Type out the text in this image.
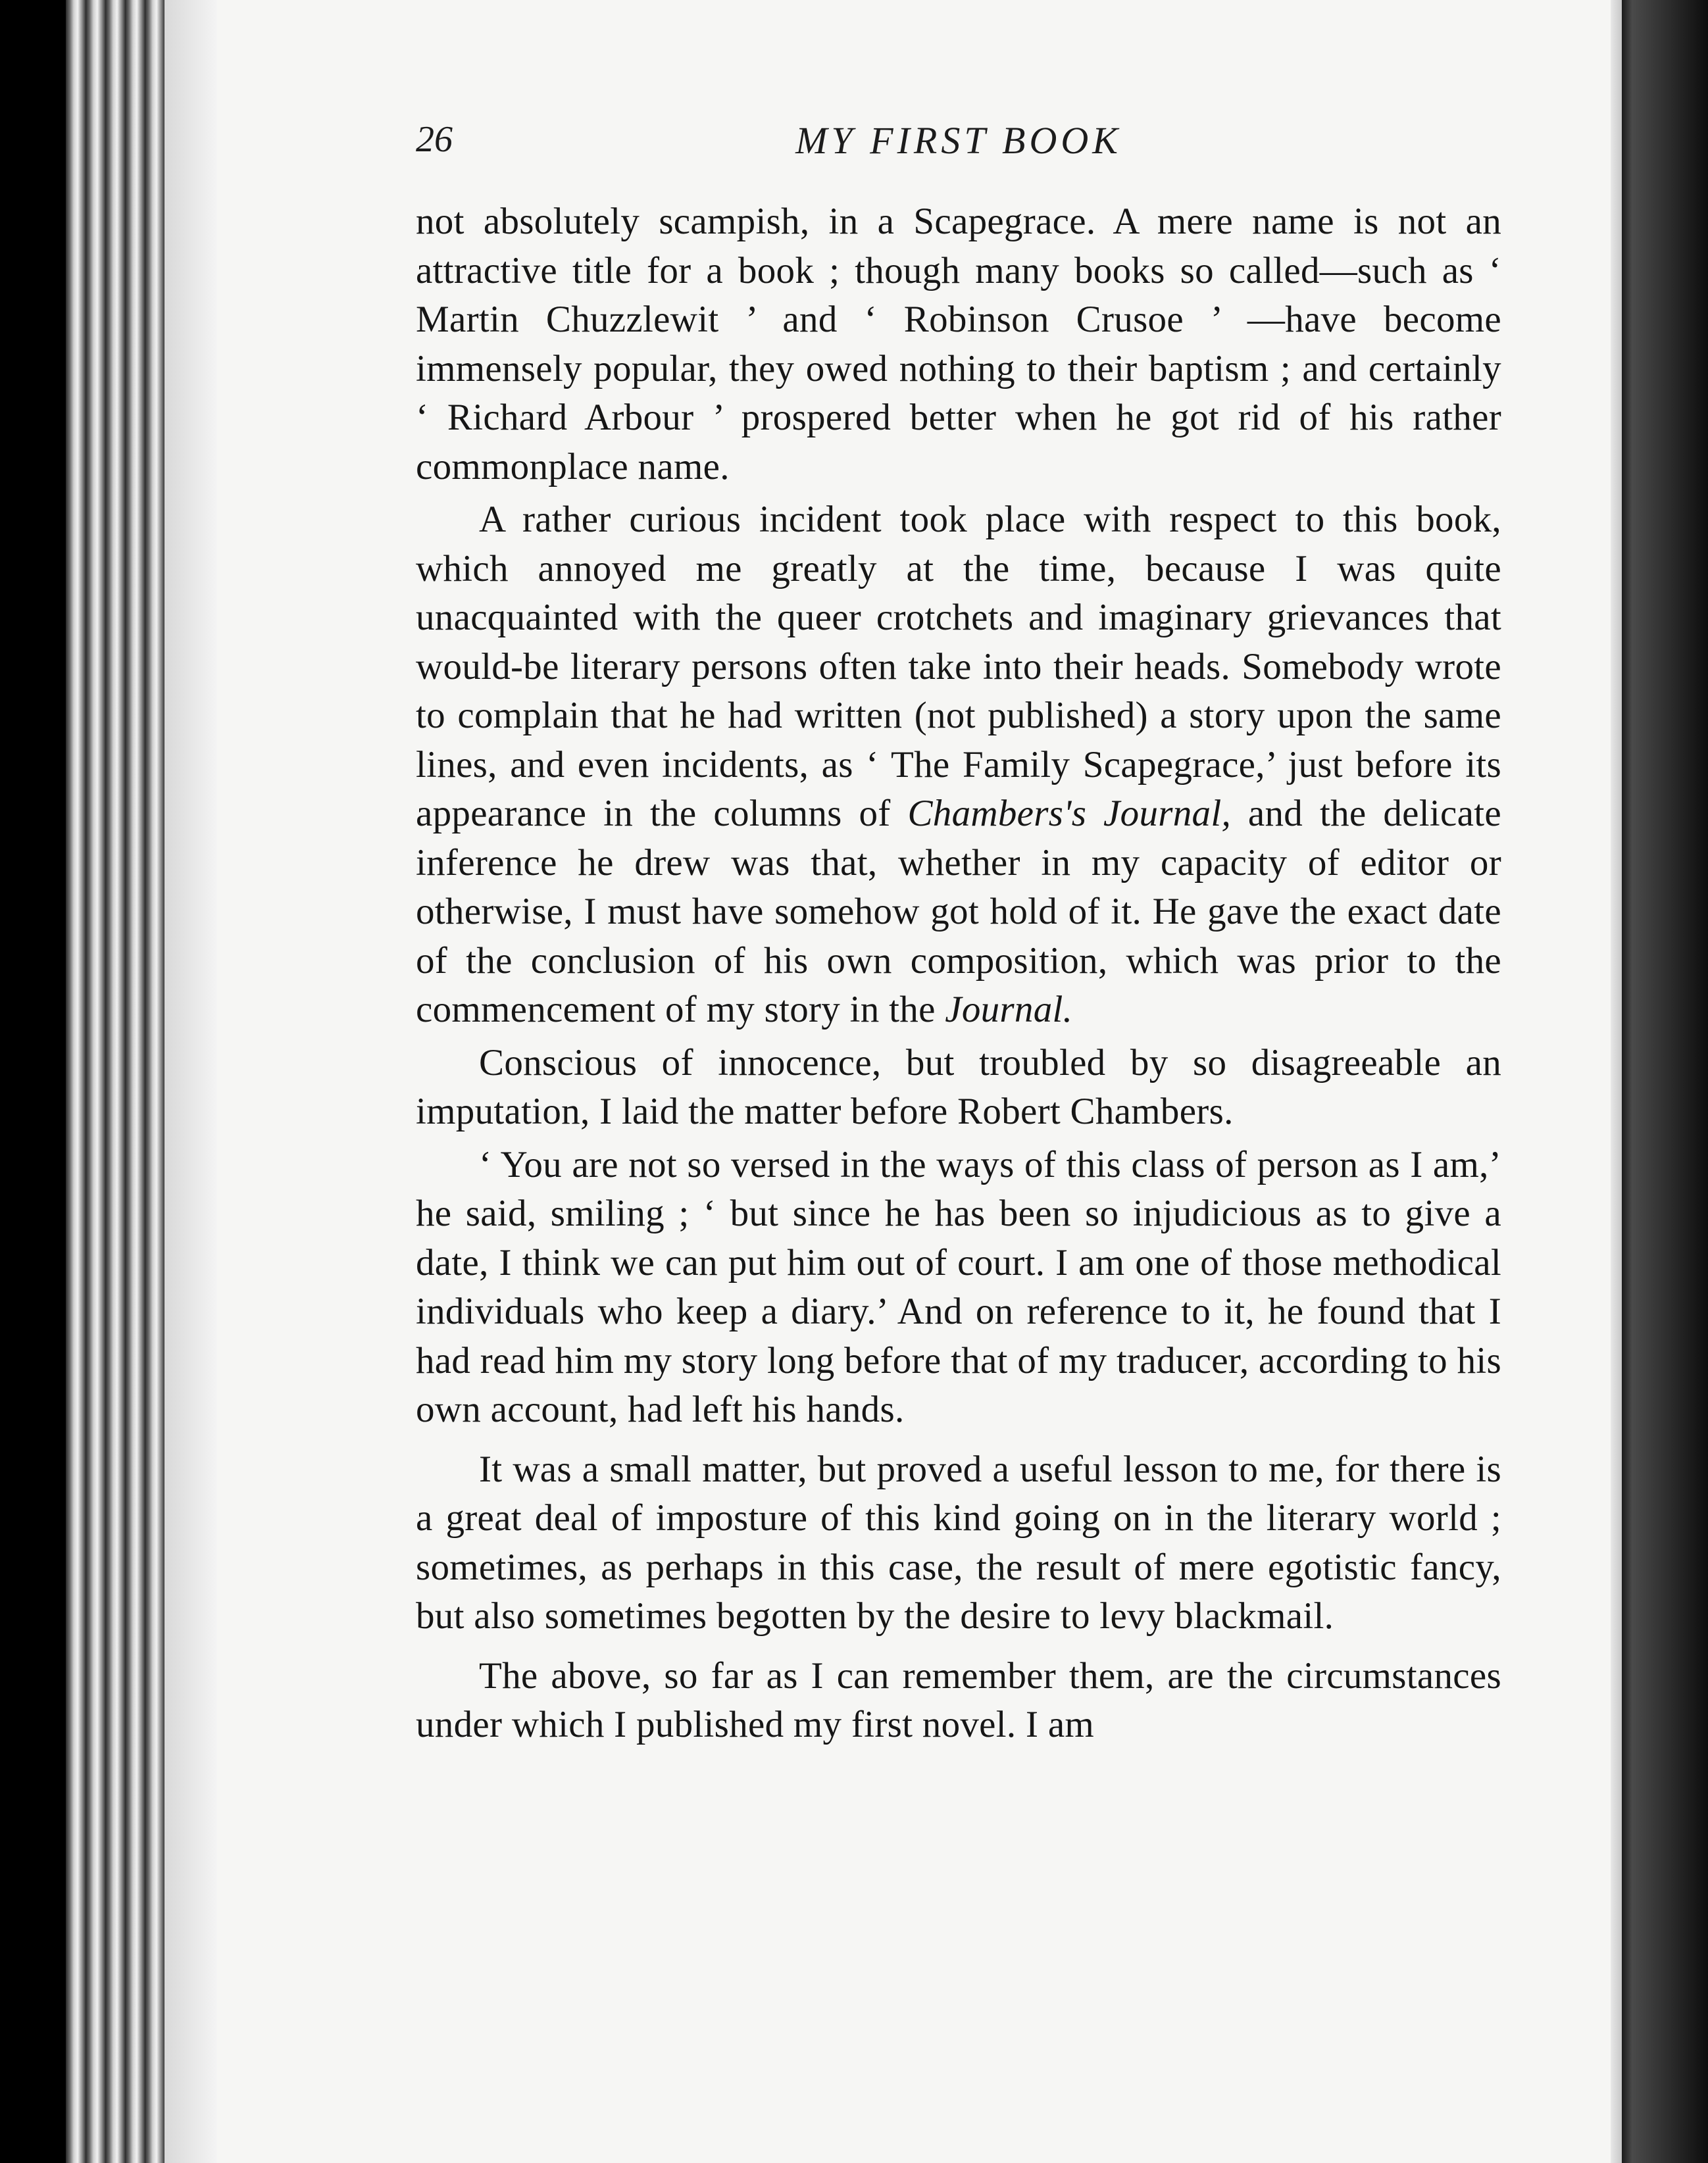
26	MY FIRST BOOK

not absolutely scampish, in a Scapegrace. A mere name is not an attractive title for a book ; though many books so called—such as ‘ Martin Chuzzlewit ’ and ‘ Robinson Crusoe ’ —have become immensely popular, they owed nothing to their baptism ; and certainly ‘ Richard Arbour ’ prospered better when he got rid of his rather commonplace name.

A rather curious incident took place with respect to this book, which annoyed me greatly at the time, because I was quite unacquainted with the queer crotchets and imaginary grievances that would-be literary persons often take into their heads. Somebody wrote to complain that he had written (not published) a story upon the same lines, and even incidents, as ‘ The Family Scapegrace,’ just before its appearance in the columns of Chambers's Journal, and the delicate inference he drew was that, whether in my capacity of editor or otherwise, I must have somehow got hold of it. He gave the exact date of the conclusion of his own composition, which was prior to the commencement of my story in the Journal.

Conscious of innocence, but troubled by so disagreeable an imputation, I laid the matter before Robert Chambers.

‘ You are not so versed in the ways of this class of person as I am,’ he said, smiling ; ‘ but since he has been so injudicious as to give a date, I think we can put him out of court. I am one of those methodical individuals who keep a diary.’ And on reference to it, he found that I had read him my story long before that of my traducer, according to his own account, had left his hands.

It was a small matter, but proved a useful lesson to me, for there is a great deal of imposture of this kind going on in the literary world ; sometimes, as perhaps in this case, the result of mere egotistic fancy, but also sometimes begotten by the desire to levy blackmail.

The above, so far as I can remember them, are the circumstances under which I published my first novel. I am
